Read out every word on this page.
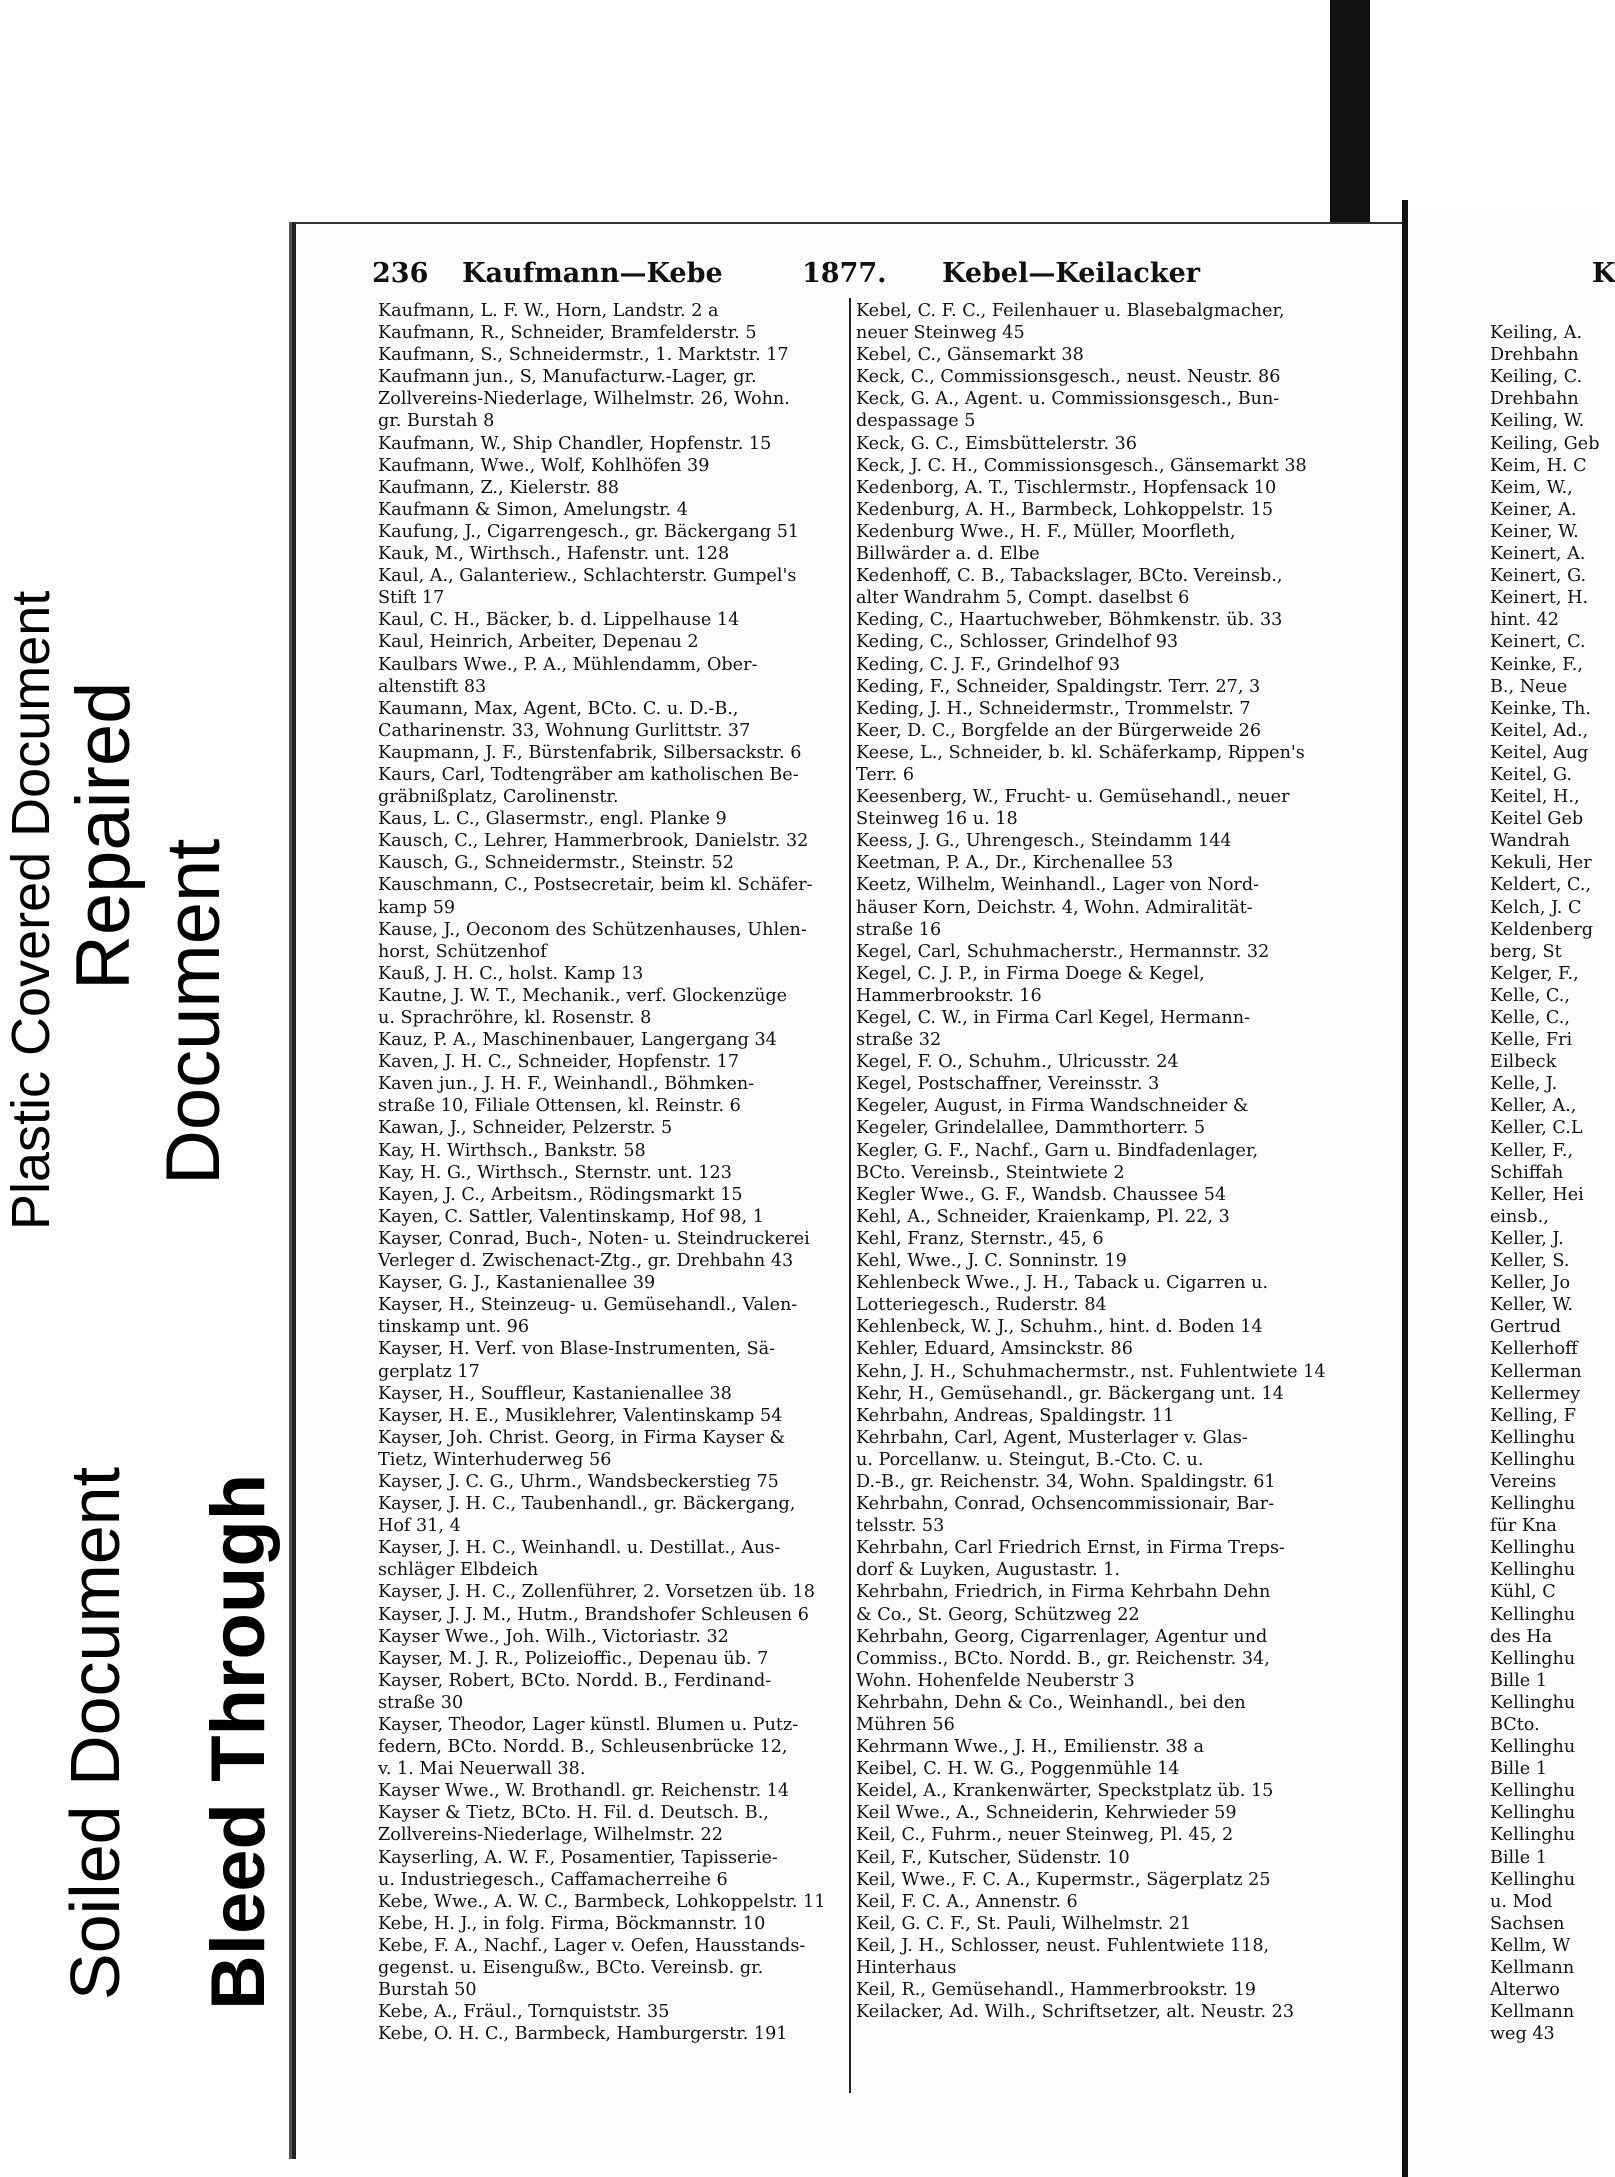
Plastic Covered Document Repaired
Document
Soiled Document Bleed Through
236 Kaufmann—Kebe	1877. Kebel—Keilacker	K
Kaufmann, L. F. W., Horn, Landstr. 2 a
Kaufmann, R., Schneider, Bramfelderstr. 5
Kaufmann, S., Schneidermstr., 1. Marktstr. 17
Kaufmann jun., S, Manufacturw.-Lager, gr.
Zollvereins-Niederlage, Wilhelmstr. 26, Wohn.
gr. Burstah 8
Kaufmann, W., Ship Chandler, Hopfenstr. 15
Kaufmann, Wwe., Wolf, Kohlhöfen 39
Kaufmann, Z., Kielerstr. 88
Kaufmann & Simon, Amelungstr. 4
Kaufung, J., Cigarrengesch., gr. Bäckergang 51
Kauk, M., Wirthsch., Hafenstr. unt. 128
Kaul, A., Galanteriew., Schlachterstr. Gumpel's
Stift 17
Kaul, C. H., Bäcker, b. d. Lippelhause 14
Kaul, Heinrich, Arbeiter, Depenau 2
Kaulbars Wwe., P. A., Mühlendamm, Ober-
altenstift 83
Kaumann, Max, Agent, BCto. C. u. D.-B.,
Catharinenstr. 33, Wohnung Gurlittstr. 37
Kaupmann, J. F., Bürstenfabrik, Silbersackstr. 6
Kaurs, Carl, Todtengräber am katholischen Be-
gräbnißplatz, Carolinenstr.
Kaus, L. C., Glasermstr., engl. Planke 9
Kausch, C., Lehrer, Hammerbrook, Danielstr. 32
Kausch, G., Schneidermstr., Steinstr. 52
Kauschmann, C., Postsecretair, beim kl. Schäfer-
kamp 59
Kause, J., Oeconom des Schützenhauses, Uhlen-
horst, Schützenhof
Kauß, J. H. C., holst. Kamp 13
Kautne, J. W. T., Mechanik., verf. Glockenzüge
u. Sprachröhre, kl. Rosenstr. 8
Kauz, P. A., Maschinenbauer, Langergang 34
Kaven, J. H. C., Schneider, Hopfenstr. 17
Kaven jun., J. H. F., Weinhandl., Böhmken-
straße 10, Filiale Ottensen, kl. Reinstr. 6
Kawan, J., Schneider, Pelzerstr. 5
Kay, H. Wirthsch., Bankstr. 58
Kay, H. G., Wirthsch., Sternstr. unt. 123
Kayen, J. C., Arbeitsm., Rödingsmarkt 15
Kayen, C. Sattler, Valentinskamp, Hof 98, 1
Kayser, Conrad, Buch-, Noten- u. Steindruckerei
Verleger d. Zwischenact-Ztg., gr. Drehbahn 43
Kayser, G. J., Kastanienallee 39
Kayser, H., Steinzeug- u. Gemüsehandl., Valen-
tinskamp unt. 96
Kayser, H. Verf. von Blase-Instrumenten, Sä-
gerplatz 17
Kayser, H., Souffleur, Kastanienallee 38
Kayser, H. E., Musiklehrer, Valentinskamp 54
Kayser, Joh. Christ. Georg, in Firma Kayser &
Tietz, Winterhuderweg 56
Kayser, J. C. G., Uhrm., Wandsbeckerstieg 75
Kayser, J. H. C., Taubenhandl., gr. Bäckergang,
Hof 31, 4
Kayser, J. H. C., Weinhandl. u. Destillat., Aus-
schläger Elbdeich
Kayser, J. H. C., Zollenführer, 2. Vorsetzen üb. 18
Kayser, J. J. M., Hutm., Brandshofer Schleusen 6
Kayser Wwe., Joh. Wilh., Victoriastr. 32
Kayser, M. J. R., Polizeioffic., Depenau üb. 7
Kayser, Robert, BCto. Nordd. B., Ferdinand-
straße 30
Kayser, Theodor, Lager künstl. Blumen u. Putz-
federn, BCto. Nordd. B., Schleusenbrücke 12,
v. 1. Mai Neuerwall 38.
Kayser Wwe., W. Brothandl. gr. Reichenstr. 14
Kayser & Tietz, BCto. H. Fil. d. Deutsch. B.,
Zollvereins-Niederlage, Wilhelmstr. 22
Kayserling, A. W. F., Posamentier, Tapisserie-
u. Industriegesch., Caffamacherreihe 6
Kebe, Wwe., A. W. C., Barmbeck, Lohkoppelstr. 11
Kebe, H. J., in folg. Firma, Böckmannstr. 10
Kebe, F. A., Nachf., Lager v. Oefen, Hausstands-
gegenst. u. Eisengußw., BCto. Vereinsb. gr.
Burstah 50
Kebe, A., Fräul., Tornquiststr. 35
Kebe, O. H. C., Barmbeck, Hamburgerstr. 191
Kebel, C. F. C., Feilenhauer u. Blasebalgmacher,
neuer Steinweg 45
Kebel, C., Gänsemarkt 38
Keck, C., Commissionsgesch., neust. Neustr. 86
Keck, G. A., Agent. u. Commissionsgesch., Bun-
despassage 5
Keck, G. C., Eimsbüttelerstr. 36
Keck, J. C. H., Commissionsgesch., Gänsemarkt 38
Kedenborg, A. T., Tischlermstr., Hopfensack 10
Kedenburg, A. H., Barmbeck, Lohkoppelstr. 15
Kedenburg Wwe., H. F., Müller, Moorfleth,
Billwärder a. d. Elbe
Kedenhoff, C. B., Tabackslager, BCto. Vereinsb.,
alter Wandrahm 5, Compt. daselbst 6
Keding, C., Haartuchweber, Böhmkenstr. üb. 33
Keding, C., Schlosser, Grindelhof 93
Keding, C. J. F., Grindelhof 93
Keding, F., Schneider, Spaldingstr. Terr. 27, 3
Keding, J. H., Schneidermstr., Trommelstr. 7
Keer, D. C., Borgfelde an der Bürgerweide 26
Keese, L., Schneider, b. kl. Schäferkamp, Rippen's
Terr. 6
Keesenberg, W., Frucht- u. Gemüsehandl., neuer
Steinweg 16 u. 18
Keess, J. G., Uhrengesch., Steindamm 144
Keetman, P. A., Dr., Kirchenallee 53
Keetz, Wilhelm, Weinhandl., Lager von Nord-
häuser Korn, Deichstr. 4, Wohn. Admiralität-
straße 16
Kegel, Carl, Schuhmacherstr., Hermannstr. 32
Kegel, C. J. P., in Firma Doege & Kegel,
Hammerbrookstr. 16
Kegel, C. W., in Firma Carl Kegel, Hermann-
straße 32
Kegel, F. O., Schuhm., Ulricusstr. 24
Kegel, Postschaffner, Vereinsstr. 3
Kegeler, August, in Firma Wandschneider &
Kegeler, Grindelallee, Dammthorterr. 5
Kegler, G. F., Nachf., Garn u. Bindfadenlager,
BCto. Vereinsb., Steintwiete 2
Kegler Wwe., G. F., Wandsb. Chaussee 54
Kehl, A., Schneider, Kraienkamp, Pl. 22, 3
Kehl, Franz, Sternstr., 45, 6
Kehl, Wwe., J. C. Sonninstr. 19
Kehlenbeck Wwe., J. H., Taback u. Cigarren u.
Lotteriegesch., Ruderstr. 84
Kehlenbeck, W. J., Schuhm., hint. d. Boden 14
Kehler, Eduard, Amsinckstr. 86
Kehn, J. H., Schuhmachermstr., nst. Fuhlentwiete 14
Kehr, H., Gemüsehandl., gr. Bäckergang unt. 14
Kehrbahn, Andreas, Spaldingstr. 11
Kehrbahn, Carl, Agent, Musterlager v. Glas-
u. Porcellanw. u. Steingut, B.-Cto. C. u.
D.-B., gr. Reichenstr. 34, Wohn. Spaldingstr. 61
Kehrbahn, Conrad, Ochsencommissionair, Bar-
telsstr. 53
Kehrbahn, Carl Friedrich Ernst, in Firma Treps-
dorf & Luyken, Augustastr. 1.
Kehrbahn, Friedrich, in Firma Kehrbahn Dehn
& Co., St. Georg, Schützweg 22
Kehrbahn, Georg, Cigarrenlager, Agentur und
Commiss., BCto. Nordd. B., gr. Reichenstr. 34,
Wohn. Hohenfelde Neuberstr 3
Kehrbahn, Dehn & Co., Weinhandl., bei den
Mühren 56
Kehrmann Wwe., J. H., Emilienstr. 38 a
Keibel, C. H. W. G., Poggenmühle 14
Keidel, A., Krankenwärter, Speckstplatz üb. 15
Keil Wwe., A., Schneiderin, Kehrwieder 59
Keil, C., Fuhrm., neuer Steinweg, Pl. 45, 2
Keil, F., Kutscher, Südenstr. 10
Keil, Wwe., F. C. A., Kupermstr., Sägerplatz 25
Keil, F. C. A., Annenstr. 6
Keil, G. C. F., St. Pauli, Wilhelmstr. 21
Keil, J. H., Schlosser, neust. Fuhlentwiete 118,
Hinterhaus
Keil, R., Gemüsehandl., Hammerbrookstr. 19
Keilacker, Ad. Wilh., Schriftsetzer, alt. Neustr. 23
Keiling, A.
Drehbahn
Keiling, C.
Drehbahn
Keiling, W.
Keiling, Geb
Keim, H. C
Keim, W.,
Keiner, A.
Keiner, W.
Keinert, A.
Keinert, G.
Keinert, H.
hint. 42
Keinert, C.
Keinke, F.,
B., Neue
Keinke, Th.
Keitel, Ad.,
Keitel, Aug
Keitel, G.
Keitel, H.,
Keitel Geb
Wandrah
Kekuli, Her
Keldert, C.,
Kelch, J. C
Keldenberg
berg, St
Kelger, F.,
Kelle, C.,
Kelle, C.,
Kelle, Fri
Eilbeck
Kelle, J.
Keller, A.,
Keller, C.L
Keller, F.,
Schiffah
Keller, Hei
einsb.,
Keller, J.
Keller, S.
Keller, Jo
Keller, W.
Gertrud
Kellerhoff
Kellerman
Kellermey
Kelling, F
Kellinghu
Kellinghu
Vereins
Kellinghu
für Kna
Kellinghu
Kellinghu
Kühl, C
Kellinghu
des Ha
Kellinghu
Bille 1
Kellinghu
BCto.
Kellinghu
Bille 1
Kellinghu
Kellinghu
Kellinghu
Bille 1
Kellinghu
u. Mod
Sachsen
Kellm, W
Kellmann
Alterwo
Kellmann
weg 43
